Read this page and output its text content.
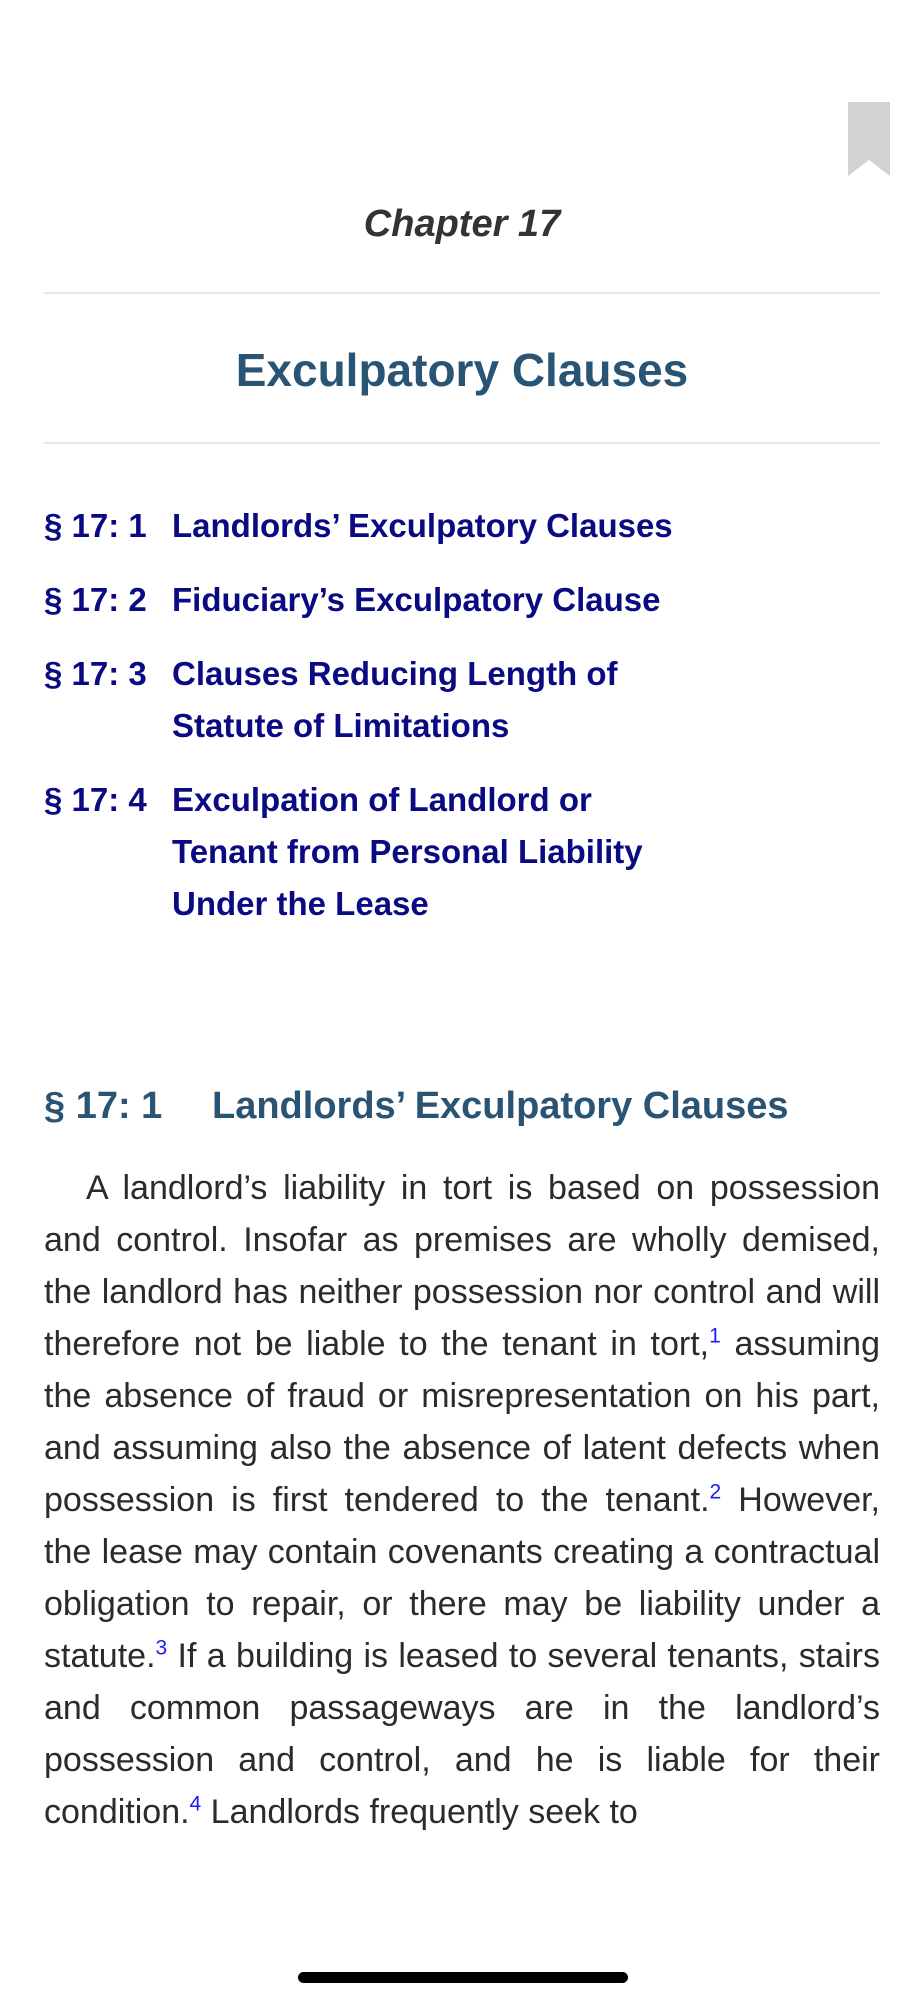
Chapter 17
Exculpatory Clauses
§ 17: 1 Landlords’ Exculpatory Clauses
§ 17: 2 Fiduciary’s Exculpatory Clause
§ 17: 3 Clauses Reducing Length of Statute of Limitations
§ 17: 4 Exculpation of Landlord or Tenant from Personal Liability Under the Lease
§ 17: 1 Landlords’ Exculpatory Clauses

A landlord’s liability in tort is based on possession and control. Insofar as premises are wholly demised, the landlord has neither possession nor control and will therefore not be liable to the tenant in tort,$^1$ assuming the absence of fraud or misrepresentation on his part, and assuming also the absence of latent defects when possession is first tendered to the tenant.$^2$ However, the lease may contain covenants creating a contractual obligation to repair, or there may be liability under a statute.$^3$ If a building is leased to several tenants, stairs and common passageways are in the landlord’s possession and control, and he is liable for their condition.$^4$ Landlords frequently seek to
